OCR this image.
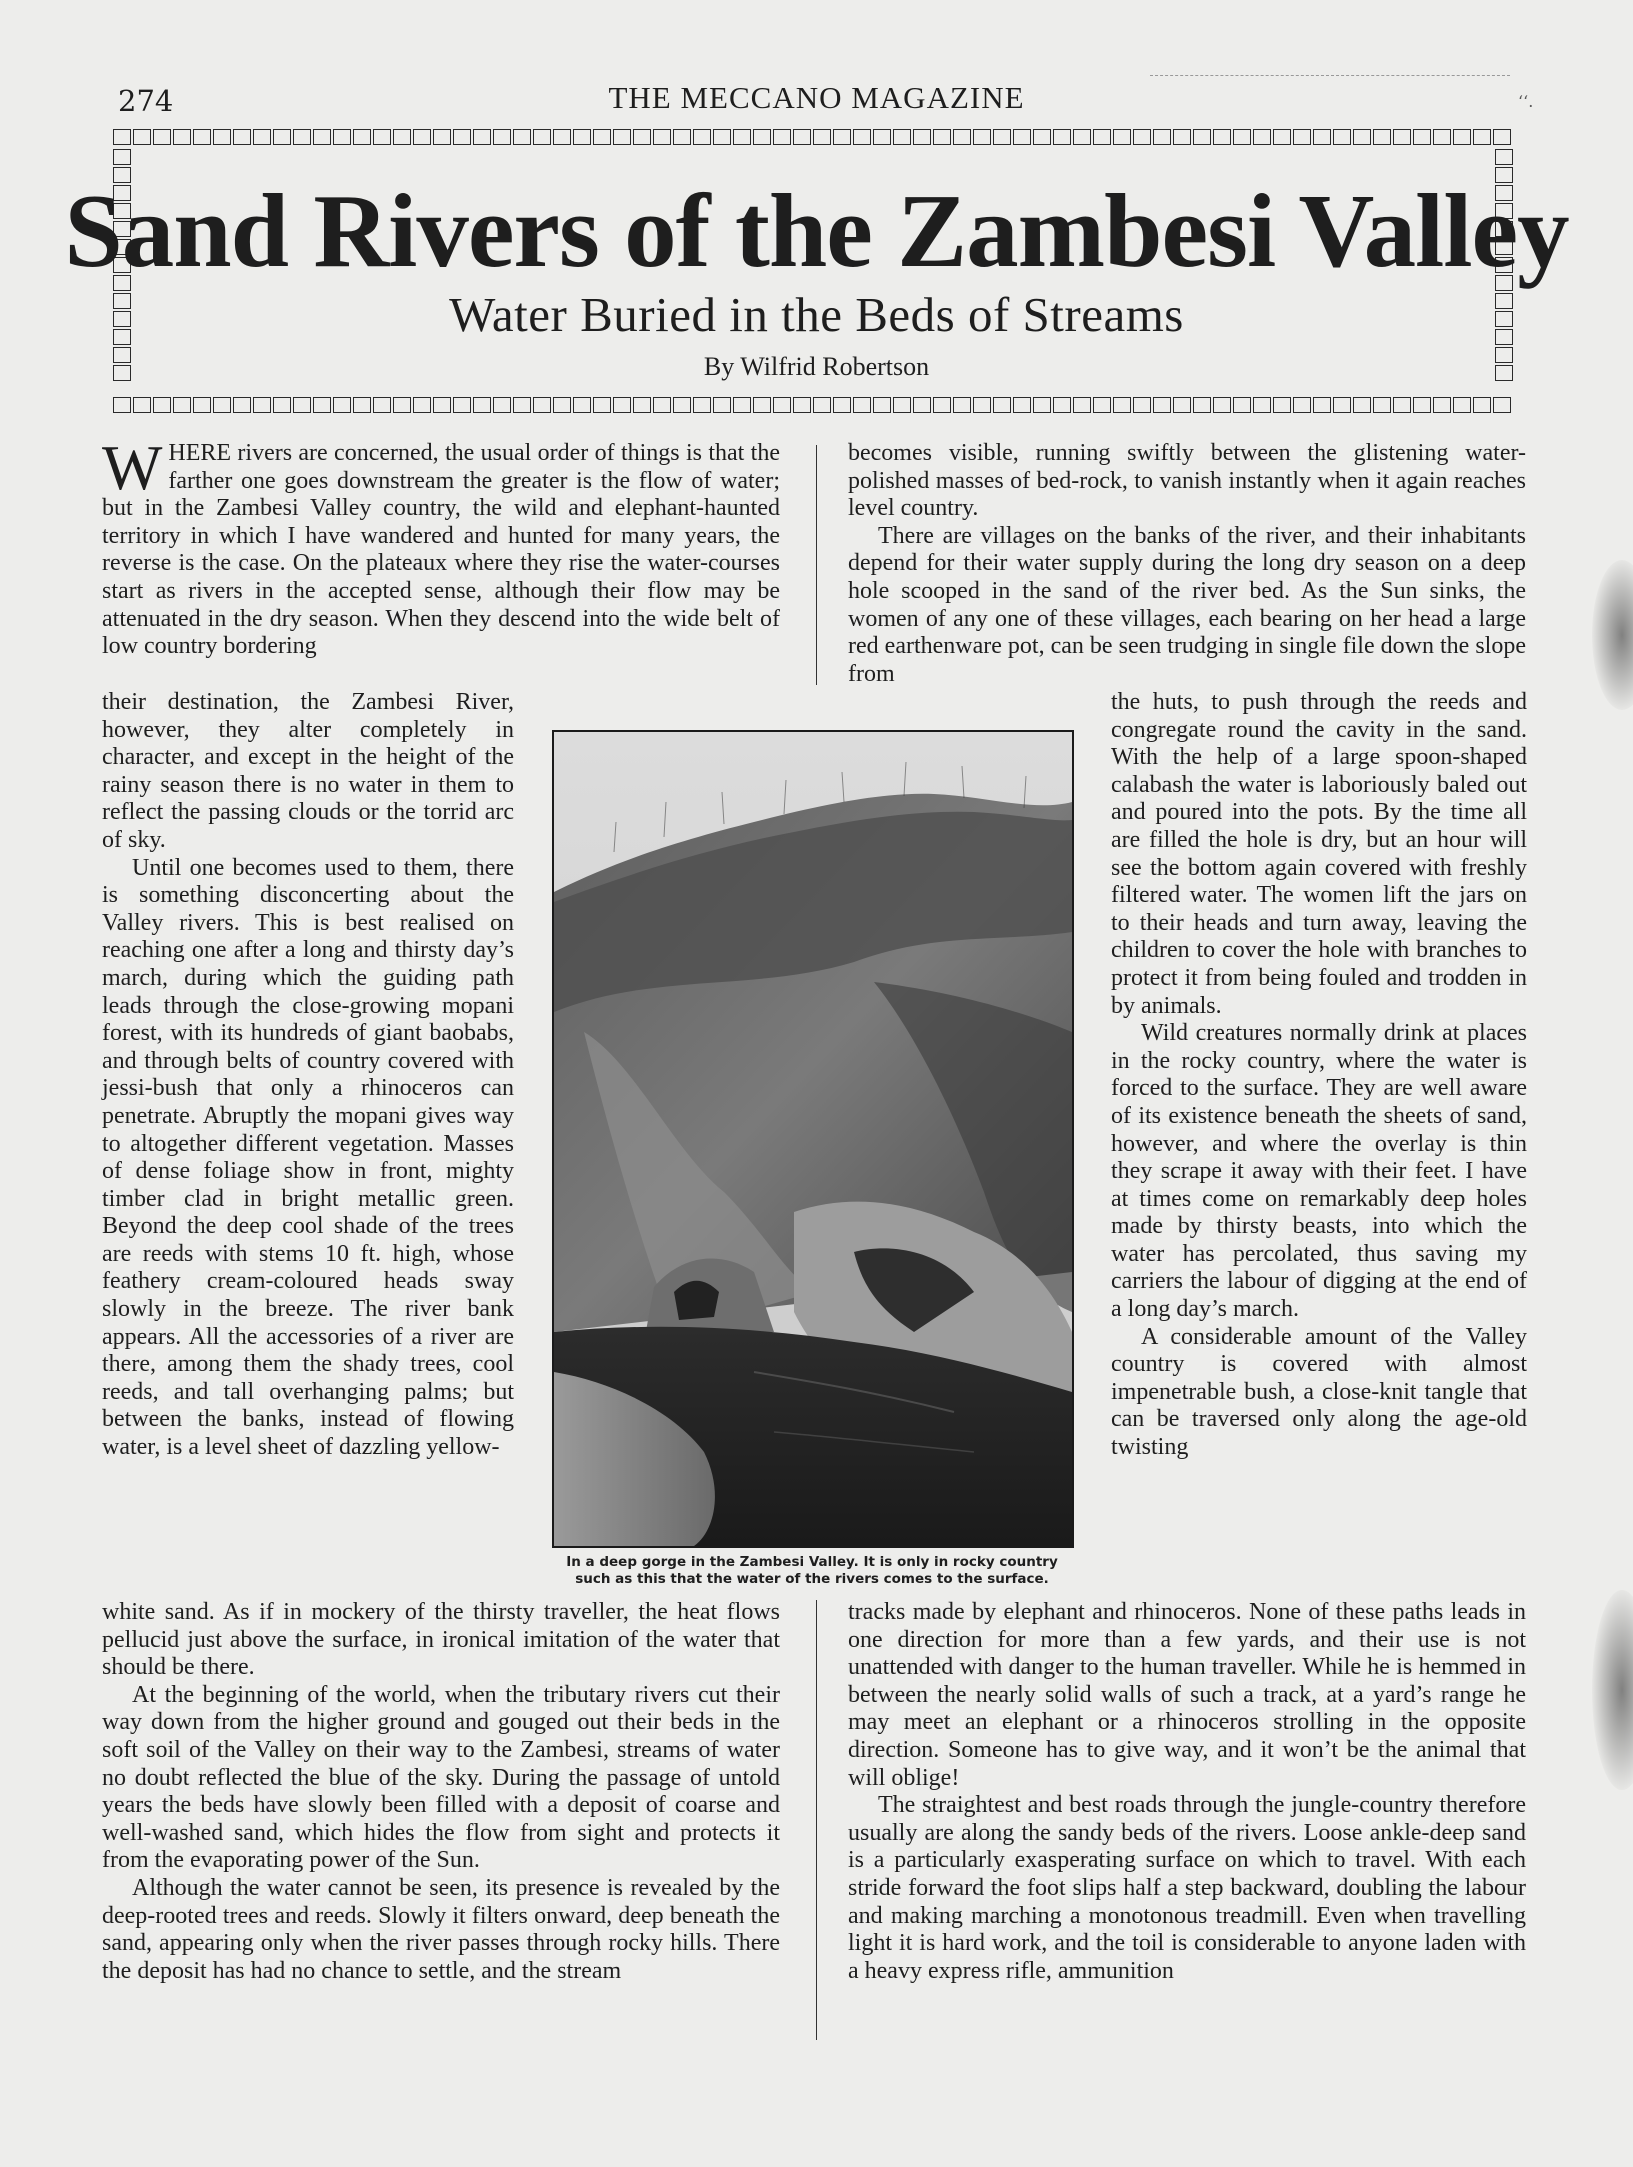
274	THE MECCANO MAGAZINE	‘‘․
Sand Rivers of the Zambesi Valley
Water Buried in the Beds of Streams
By Wilfrid Robertson

WHERE rivers are concerned, the usual order of things is that the farther one goes downstream the greater is the flow of water; but in the Zambesi Valley country, the wild and elephant-haunted territory in which I have wandered and hunted for many years, the reverse is the case. On the plateaux where they rise the water-courses start as rivers in the accepted sense, although their flow may be attenuated in the dry season. When they descend into the wide belt of low country bordering

their destination, the Zambesi River, however, they alter completely in character, and except in the height of the rainy season there is no water in them to reflect the passing clouds or the torrid arc of sky.

Until one becomes used to them, there is something disconcerting about the Valley rivers. This is best realised on reaching one after a long and thirsty day’s march, during which the guiding path leads through the close-growing mopani forest, with its hundreds of giant baobabs, and through belts of country covered with jessi-bush that only a rhinoceros can penetrate. Abruptly the mopani gives way to altogether different vegetation. Masses of dense foliage show in front, mighty timber clad in bright metallic green. Beyond the deep cool shade of the trees are reeds with stems 10 ft. high, whose feathery cream-coloured heads sway slowly in the breeze. The river bank appears. All the accessories of a river are there, among them the shady trees, cool reeds, and tall overhanging palms; but between the banks, instead of flowing water, is a level sheet of dazzling yellow-

white sand. As if in mockery of the thirsty traveller, the heat flows pellucid just above the surface, in ironical imitation of the water that should be there.

At the beginning of the world, when the tributary rivers cut their way down from the higher ground and gouged out their beds in the soft soil of the Valley on their way to the Zambesi, streams of water no doubt reflected the blue of the sky. During the passage of untold years the beds have slowly been filled with a deposit of coarse and well-washed sand, which hides the flow from sight and protects it from the evaporating power of the Sun.

Although the water cannot be seen, its presence is revealed by the deep-rooted trees and reeds. Slowly it filters onward, deep beneath the sand, appearing only when the river passes through rocky hills. There the deposit has had no chance to settle, and the stream

becomes visible, running swiftly between the glistening water-polished masses of bed-rock, to vanish instantly when it again reaches level country.

There are villages on the banks of the river, and their inhabitants depend for their water supply during the long dry season on a deep hole scooped in the sand of the river bed. As the Sun sinks, the women of any one of these villages, each bearing on her head a large red earthenware pot, can be seen trudging in single file down the slope from

the huts, to push through the reeds and congregate round the cavity in the sand. With the help of a large spoon-shaped calabash the water is laboriously baled out and poured into the pots. By the time all are filled the hole is dry, but an hour will see the bottom again covered with freshly filtered water. The women lift the jars on to their heads and turn away, leaving the children to cover the hole with branches to protect it from being fouled and trodden in by animals.

Wild creatures normally drink at places in the rocky country, where the water is forced to the surface. They are well aware of its existence beneath the sheets of sand, however, and where the overlay is thin they scrape it away with their feet. I have at times come on remarkably deep holes made by thirsty beasts, into which the water has percolated, thus saving my carriers the labour of digging at the end of a long day’s march.

A considerable amount of the Valley country is covered with almost impenetrable bush, a close-knit tangle that can be traversed only along the age-old twisting

tracks made by elephant and rhinoceros. None of these paths leads in one direction for more than a few yards, and their use is not unattended with danger to the human traveller. While he is hemmed in between the nearly solid walls of such a track, at a yard’s range he may meet an elephant or a rhinoceros strolling in the opposite direction. Someone has to give way, and it won’t be the animal that will oblige!

The straightest and best roads through the jungle-country therefore usually are along the sandy beds of the rivers. Loose ankle-deep sand is a particularly exasperating surface on which to travel. With each stride forward the foot slips half a step backward, doubling the labour and making marching a monotonous treadmill. Even when travelling light it is hard work, and the toil is considerable to anyone laden with a heavy express rifle, ammunition

In a deep gorge in the Zambesi Valley. It is only in rocky country
such as this that the water of the rivers comes to the surface.
